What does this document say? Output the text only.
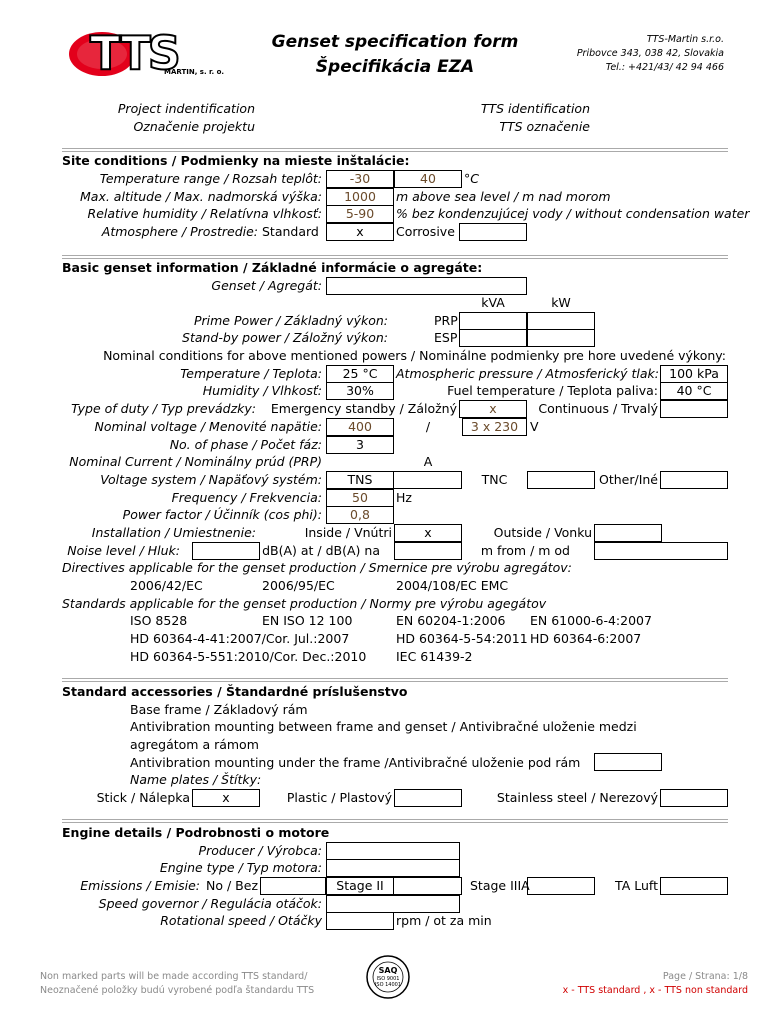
TTS
MARTIN, s. r. o.
Genset specification form
Špecifikácia EZA
TTS-Martin s.r.o.
Pribovce 343, 038 42, Slovakia
Tel.: +421/43/ 42 94 466
Project indentification
Označenie projektu
TTS identification
TTS označenie
Site conditions / Podmienky na mieste inštalácie:
Temperature range / Rozsah teplôt:	-30	40	°C
Max. altitude / Max. nadmorská výška:	1000	m above sea level / m nad morom
Relative humidity / Relatívna vlhkosť:	5-90	% bez kondenzujúcej vody / without condensation water
Atmosphere / Prostredie: Standard	x	Corrosive
Basic genset information / Základné informácie o agregáte:
Genset / Agregát:
kVA	kW
Prime Power / Základný výkon:	PRP
Stand-by power / Záložný výkon:	ESP
Nominal conditions for above mentioned powers / Nominálne podmienky pre hore uvedené výkony:
Temperature / Teplota:	25 °C	Atmospheric pressure / Atmosferický tlak: 100 kPa
Humidity / Vlhkosť:	30%	Fuel temperature / Teplota paliva:	40 °C
Type of duty / Typ prevádzky:	Emergency standby / Záložný	x	Continuous / Trvalý
Nominal voltage / Menovité napätie:	400	/	3 x 230 V
No. of phase / Počet fáz:	3
Nominal Current / Nominálny prúd (PRP)	A
Voltage system / Napäťový systém:	TNS	TNC	Other/Iné
Frequency / Frekvencia:	50	Hz
Power factor / Účinník (cos phi):	0,8
Installation / Umiestnenie:	Inside / Vnútri	x	Outside / Vonku
Noise level / Hluk:	dB(A) at / dB(A) na	m from / m od
Directives applicable for the genset production / Smernice pre výrobu agregátov:
2006/42/EC	2006/95/EC	2004/108/EC EMC
Standards applicable for the genset production / Normy pre výrobu agegátov
ISO 8528	EN ISO 12 100	EN 60204-1:2006 EN 61000-6-4:2007
HD 60364-4-41:2007/Cor. Jul.:2007	HD 60364-5-54:2011 HD 60364-6:2007
HD 60364-5-551:2010/Cor. Dec.:2010 IEC 61439-2
Standard accessories / Štandardné príslušenstvo
Base frame / Základový rám
Antivibration mounting between frame and genset / Antivibračné uloženie medzi
agregátom a rámom
Antivibration mounting under the frame /Antivibračné uloženie pod rám
Name plates / Štítky:
Stick / Nálepka	x	Plastic / Plastový	Stainless steel / Nerezový
Engine details / Podrobnosti o motore
Producer / Výrobca:
Engine type / Typ motora:
Emissions / Emisie: No / Bez	Stage II	Stage IIIA	TA Luft
Speed governor / Regulácia otáčok:
Rotational speed / Otáčky	rpm / ot za min
Non marked parts will be made according TTS standard/
Neoznačené položky budú vyrobené podľa štandardu TTS
SAQ
ISO 9001
ISO 14001
Page / Strana: 1/8
x - TTS standard , x - TTS non standard
